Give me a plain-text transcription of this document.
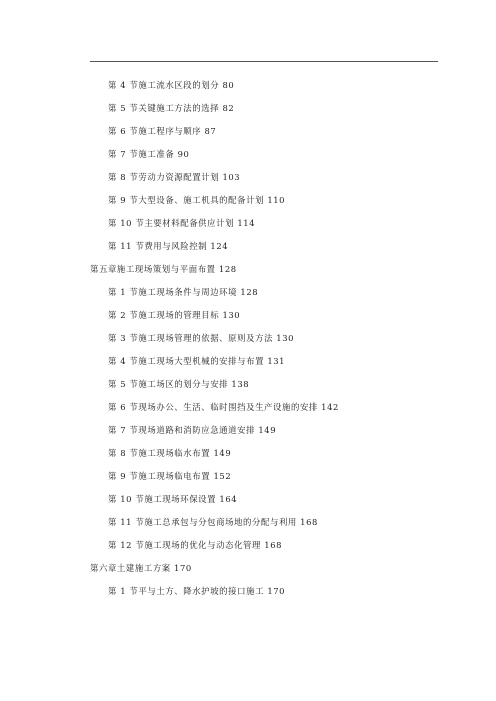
第 4 节施工流水区段的划分 80
第 5 节关键施工方法的选择 82
第 6 节施工程序与顺序 87
第 7 节施工准备 90
第 8 节劳动力资源配置计划 103
第 9 节大型设备、施工机具的配备计划 110
第 10 节主要材料配备供应计划 114
第 11 节费用与风险控制 124
第五章施工现场策划与平面布置 128
第 1 节施工现场条件与周边环境 128
第 2 节施工现场的管理目标 130
第 3 节施工现场管理的依据、原则及方法 130
第 4 节施工现场大型机械的安排与布置 131
第 5 节施工场区的划分与安排 138
第 6 节现场办公、生活、临时围挡及生产设施的安排 142
第 7 节现场道路和消防应急通道安排 149
第 8 节施工现场临水布置 149
第 9 节施工现场临电布置 152
第 10 节施工现场环保设置 164
第 11 节施工总承包与分包商场地的分配与利用 168
第 12 节施工现场的优化与动态化管理 168
第六章土建施工方案 170
第 1 节平与土方、降水护坡的接口施工 170
